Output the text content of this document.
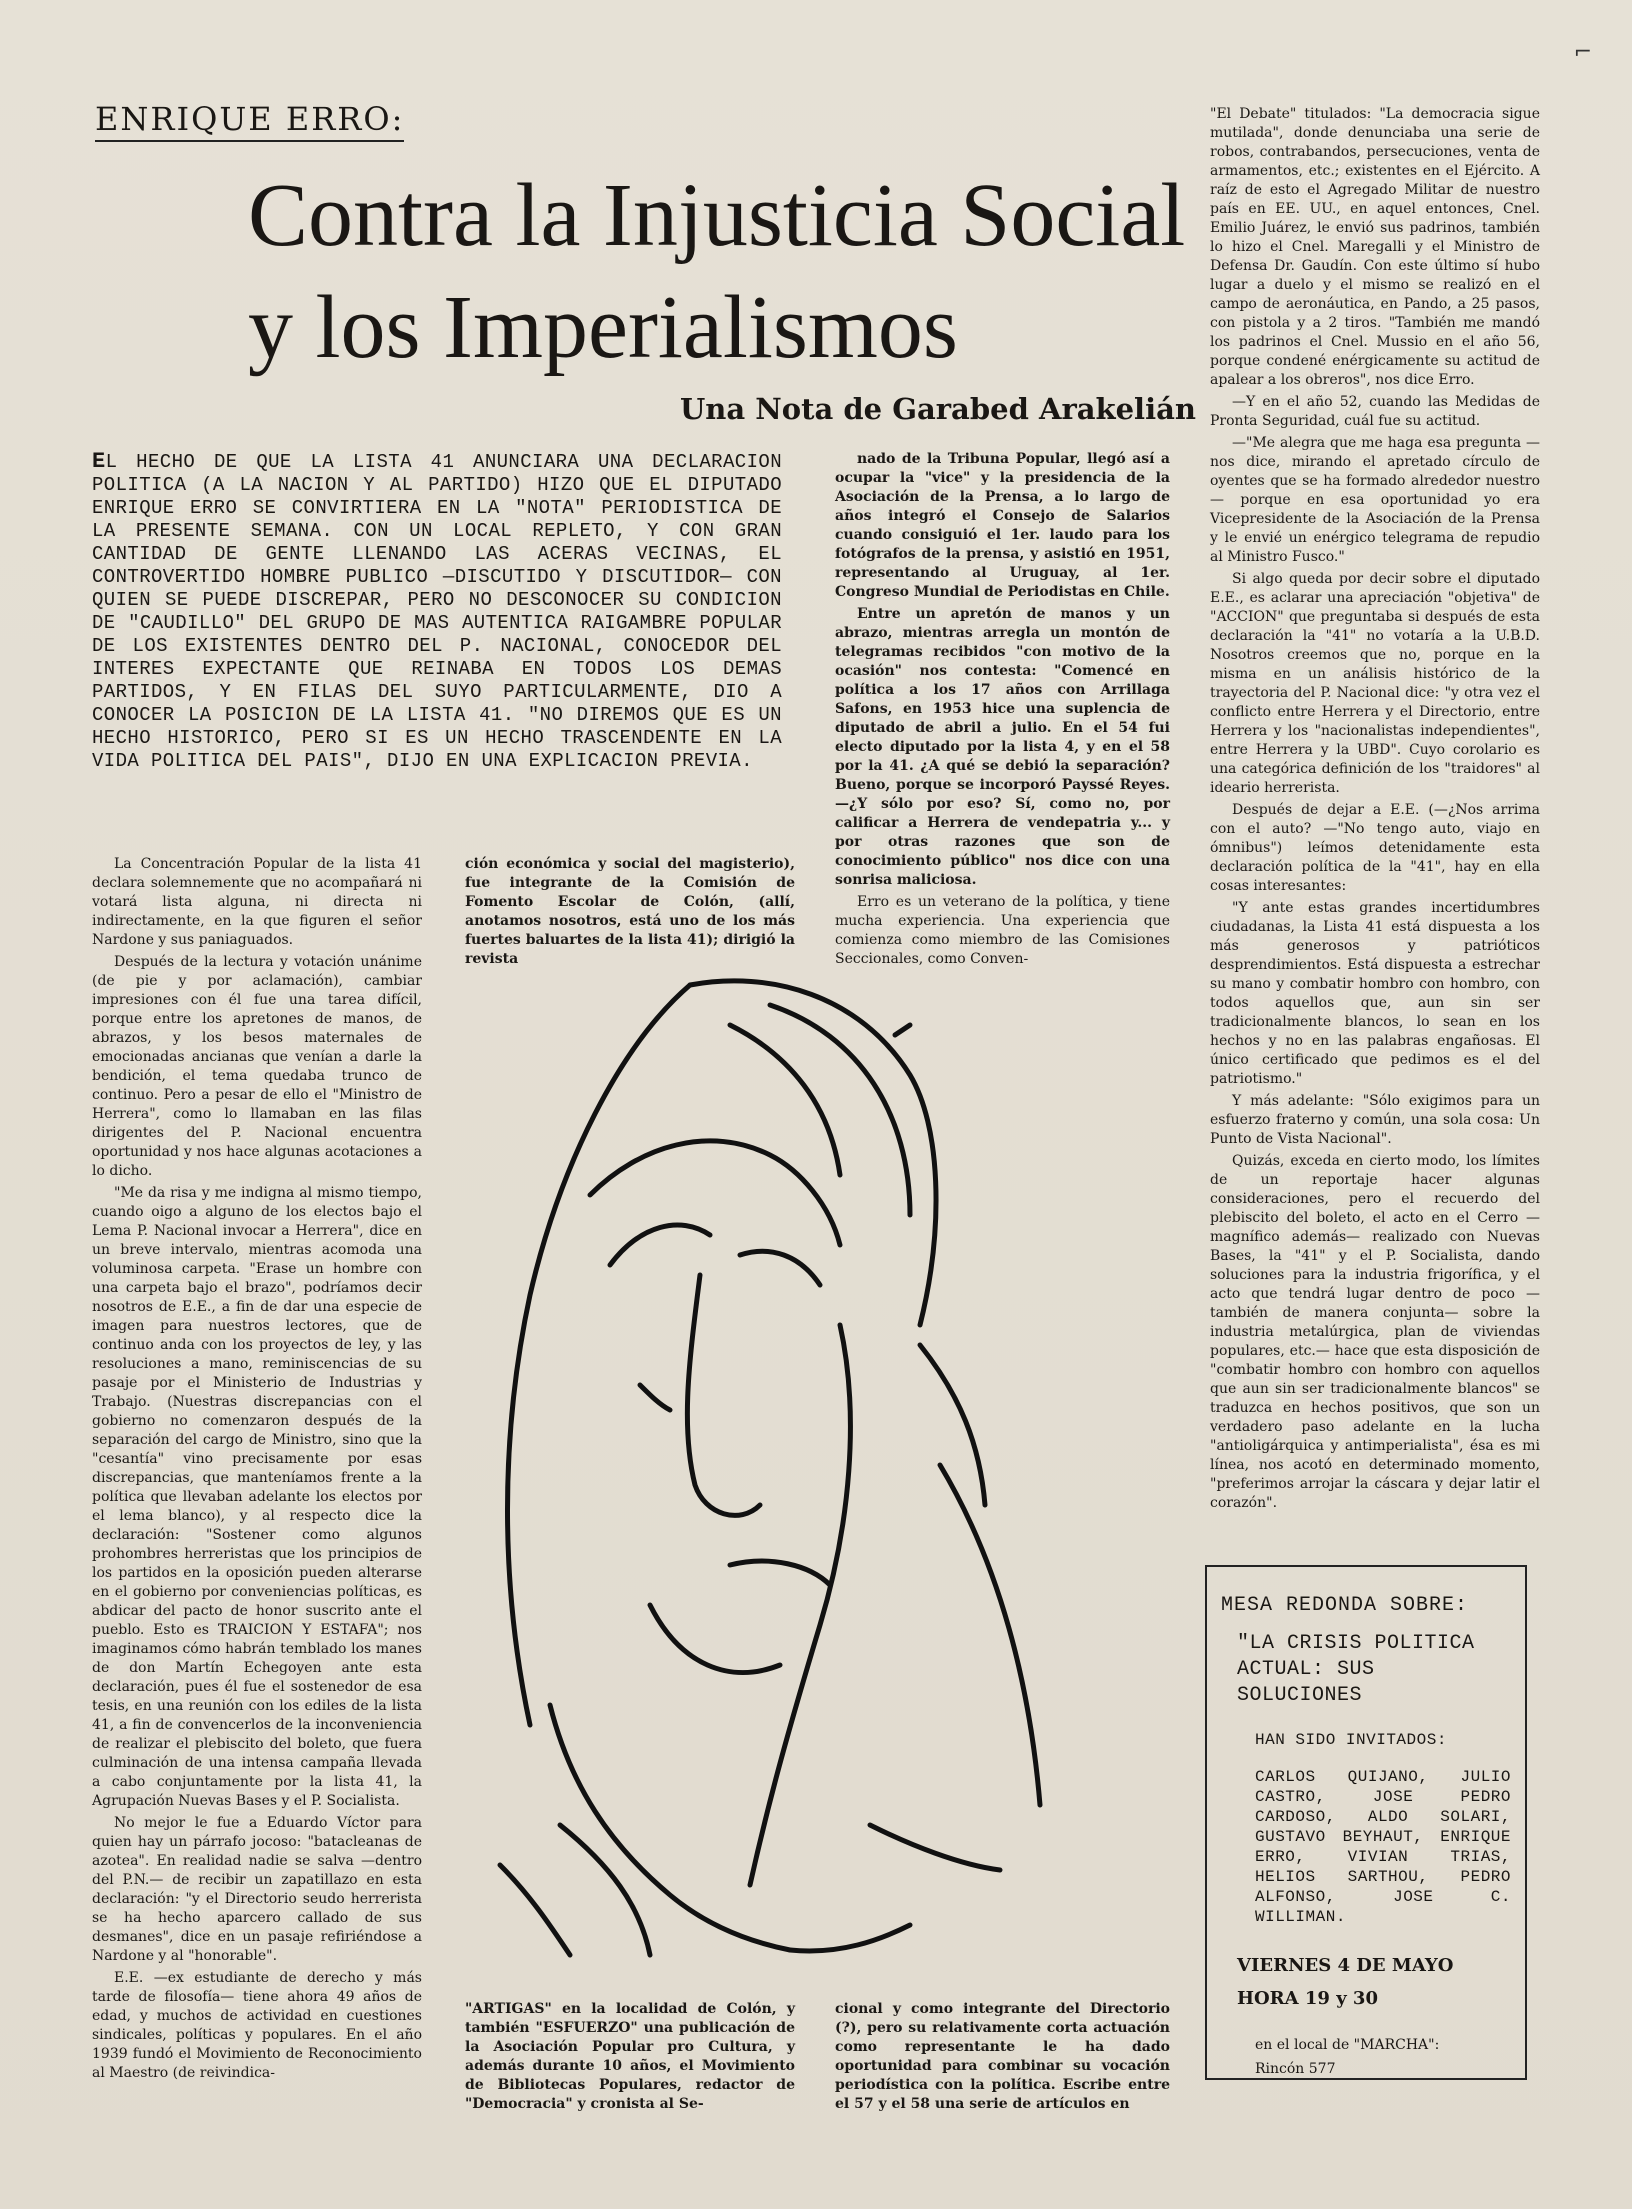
⌐
ENRIQUE ERRO:
Contra la Injusticia Social
y los Imperialismos
Una Nota de Garabed Arakelián
EL HECHO DE QUE LA LISTA 41 ANUNCIARA UNA DECLARACION POLITICA (A LA NACION Y AL PARTIDO) HIZO QUE EL DIPUTADO ENRIQUE ERRO SE CONVIRTIERA EN LA "NOTA" PERIODISTICA DE LA PRESENTE SEMANA. CON UN LOCAL REPLETO, Y CON GRAN CANTIDAD DE GENTE LLENANDO LAS ACERAS VECINAS, EL CONTROVERTIDO HOMBRE PUBLICO —DISCUTIDO Y DISCUTIDOR— CON QUIEN SE PUEDE DISCREPAR, PERO NO DESCONOCER SU CONDICION DE "CAUDILLO" DEL GRUPO DE MAS AUTENTICA RAIGAMBRE POPULAR DE LOS EXISTENTES DENTRO DEL P. NACIONAL, CONOCEDOR DEL INTERES EXPECTANTE QUE REINABA EN TODOS LOS DEMAS PARTIDOS, Y EN FILAS DEL SUYO PARTICULARMENTE, DIO A CONOCER LA POSICION DE LA LISTA 41. "NO DIREMOS QUE ES UN HECHO HISTORICO, PERO SI ES UN HECHO TRASCENDENTE EN LA VIDA POLITICA DEL PAIS", DIJO EN UNA EXPLICACION PREVIA.

nado de la Tribuna Popular, llegó así a ocupar la "vice" y la presidencia de la Asociación de la Prensa, a lo largo de años integró el Consejo de Salarios cuando consiguió el 1er. laudo para los fotógrafos de la prensa, y asistió en 1951, representando al Uruguay, al 1er. Congreso Mundial de Periodistas en Chile.

Entre un apretón de manos y un abrazo, mientras arregla un montón de telegramas recibidos "con motivo de la ocasión" nos contesta: "Comencé en política a los 17 años con Arrillaga Safons, en 1953 hice una suplencia de diputado de abril a julio. En el 54 fui electo diputado por la lista 4, y en el 58 por la 41. ¿A qué se debió la separación? Bueno, porque se incorporó Payssé Reyes. —¿Y sólo por eso? Sí, como no, por calificar a Herrera de vendepatria y... y por otras razones que son de conocimiento público" nos dice con una sonrisa maliciosa.

Erro es un veterano de la política, y tiene mucha experiencia. Una experiencia que comienza como miembro de las Comisiones Seccionales, como Conven-

La Concentración Popular de la lista 41 declara solemnemente que no acompañará ni votará lista alguna, ni directa ni indirectamente, en la que figuren el señor Nardone y sus paniaguados.

Después de la lectura y votación unánime (de pie y por aclamación), cambiar impresiones con él fue una tarea difícil, porque entre los apretones de manos, de abrazos, y los besos maternales de emocionadas ancianas que venían a darle la bendición, el tema quedaba trunco de continuo. Pero a pesar de ello el "Ministro de Herrera", como lo llamaban en las filas dirigentes del P. Nacional encuentra oportunidad y nos hace algunas acotaciones a lo dicho.

"Me da risa y me indigna al mismo tiempo, cuando oigo a alguno de los electos bajo el Lema P. Nacional invocar a Herrera", dice en un breve intervalo, mientras acomoda una voluminosa carpeta. "Erase un hombre con una carpeta bajo el brazo", podríamos decir nosotros de E.E., a fin de dar una especie de imagen para nuestros lectores, que de continuo anda con los proyectos de ley, y las resoluciones a mano, reminiscencias de su pasaje por el Ministerio de Industrias y Trabajo. (Nuestras discrepancias con el gobierno no comenzaron después de la separación del cargo de Ministro, sino que la "cesantía" vino precisamente por esas discrepancias, que manteníamos frente a la política que llevaban adelante los electos por el lema blanco), y al respecto dice la declaración: "Sostener como algunos prohombres herreristas que los principios de los partidos en la oposición pueden alterarse en el gobierno por conveniencias políticas, es abdicar del pacto de honor suscrito ante el pueblo. Esto es TRAICION Y ESTAFA"; nos imaginamos cómo habrán temblado los manes de don Martín Echegoyen ante esta declaración, pues él fue el sostenedor de esa tesis, en una reunión con los ediles de la lista 41, a fin de convencerlos de la inconveniencia de realizar el plebiscito del boleto, que fuera culminación de una intensa campaña llevada a cabo conjuntamente por la lista 41, la Agrupación Nuevas Bases y el P. Socialista.

No mejor le fue a Eduardo Víctor para quien hay un párrafo jocoso: "batacleanas de azotea". En realidad nadie se salva —dentro del P.N.— de recibir un zapatillazo en esta declaración: "y el Directorio seudo herrerista se ha hecho aparcero callado de sus desmanes", dice en un pasaje refiriéndose a Nardone y al "honorable".

E.E. —ex estudiante de derecho y más tarde de filosofía— tiene ahora 49 años de edad, y muchos de actividad en cuestiones sindicales, políticas y populares. En el año 1939 fundó el Movimiento de Reconocimiento al Maestro (de reivindica-

ción económica y social del magisterio), fue integrante de la Comisión de Fomento Escolar de Colón, (allí, anotamos nosotros, está uno de los más fuertes baluartes de la lista 41); dirigió la revista

"ARTIGAS" en la localidad de Colón, y también "ESFUERZO" una publicación de la Asociación Popular pro Cultura, y además durante 10 años, el Movimiento de Bibliotecas Populares, redactor de "Democracia" y cronista al Se-

cional y como integrante del Directorio (?), pero su relativamente corta actuación como representante le ha dado oportunidad para combinar su vocación periodística con la política. Escribe entre el 57 y el 58 una serie de artículos en

"El Debate" titulados: "La democracia sigue mutilada", donde denunciaba una serie de robos, contrabandos, persecuciones, venta de armamentos, etc.; existentes en el Ejército. A raíz de esto el Agregado Militar de nuestro país en EE. UU., en aquel entonces, Cnel. Emilio Juárez, le envió sus padrinos, también lo hizo el Cnel. Maregalli y el Ministro de Defensa Dr. Gaudín. Con este último sí hubo lugar a duelo y el mismo se realizó en el campo de aeronáutica, en Pando, a 25 pasos, con pistola y a 2 tiros. "También me mandó los padrinos el Cnel. Mussio en el año 56, porque condené enérgicamente su actitud de apalear a los obreros", nos dice Erro.

—Y en el año 52, cuando las Medidas de Pronta Seguridad, cuál fue su actitud.

—"Me alegra que me haga esa pregunta —nos dice, mirando el apretado círculo de oyentes que se ha formado alrededor nuestro— porque en esa oportunidad yo era Vicepresidente de la Asociación de la Prensa y le envié un enérgico telegrama de repudio al Ministro Fusco."

Si algo queda por decir sobre el diputado E.E., es aclarar una apreciación "objetiva" de "ACCION" que preguntaba si después de esta declaración la "41" no votaría a la U.B.D. Nosotros creemos que no, porque en la misma en un análisis histórico de la trayectoria del P. Nacional dice: "y otra vez el conflicto entre Herrera y el Directorio, entre Herrera y los "nacionalistas independientes", entre Herrera y la UBD". Cuyo corolario es una categórica definición de los "traidores" al ideario herrerista.

Después de dejar a E.E. (—¿Nos arrima con el auto? —"No tengo auto, viajo en ómnibus") leímos detenidamente esta declaración política de la "41", hay en ella cosas interesantes:

"Y ante estas grandes incertidumbres ciudadanas, la Lista 41 está dispuesta a los más generosos y patrióticos desprendimientos. Está dispuesta a estrechar su mano y combatir hombro con hombro, con todos aquellos que, aun sin ser tradicionalmente blancos, lo sean en los hechos y no en las palabras engañosas. El único certificado que pedimos es el del patriotismo."

Y más adelante: "Sólo exigimos para un esfuerzo fraterno y común, una sola cosa: Un Punto de Vista Nacional".

Quizás, exceda en cierto modo, los límites de un reportaje hacer algunas consideraciones, pero el recuerdo del plebiscito del boleto, el acto en el Cerro —magnífico además— realizado con Nuevas Bases, la "41" y el P. Socialista, dando soluciones para la industria frigorífica, y el acto que tendrá lugar dentro de poco —también de manera conjunta— sobre la industria metalúrgica, plan de viviendas populares, etc.— hace que esta disposición de "combatir hombro con hombro con aquellos que aun sin ser tradicionalmente blancos" se traduzca en hechos positivos, que son un verdadero paso adelante en la lucha "antioligárquica y antimperialista", ésa es mi línea, nos acotó en determinado momento, "preferimos arrojar la cáscara y dejar latir el corazón".

MESA REDONDA SOBRE:
"LA CRISIS POLITICA ACTUAL: SUS SOLUCIONES
HAN SIDO INVITADOS:
CARLOS QUIJANO, JULIO CASTRO, JOSE PEDRO CARDOSO, ALDO SOLARI, GUSTAVO BEYHAUT, ENRIQUE ERRO, VIVIAN TRIAS, HELIOS SARTHOU, PEDRO ALFONSO, JOSE C. WILLIMAN.
VIERNES 4 DE MAYO
HORA 19 y 30
en el local de "MARCHA":
Rincón 577
